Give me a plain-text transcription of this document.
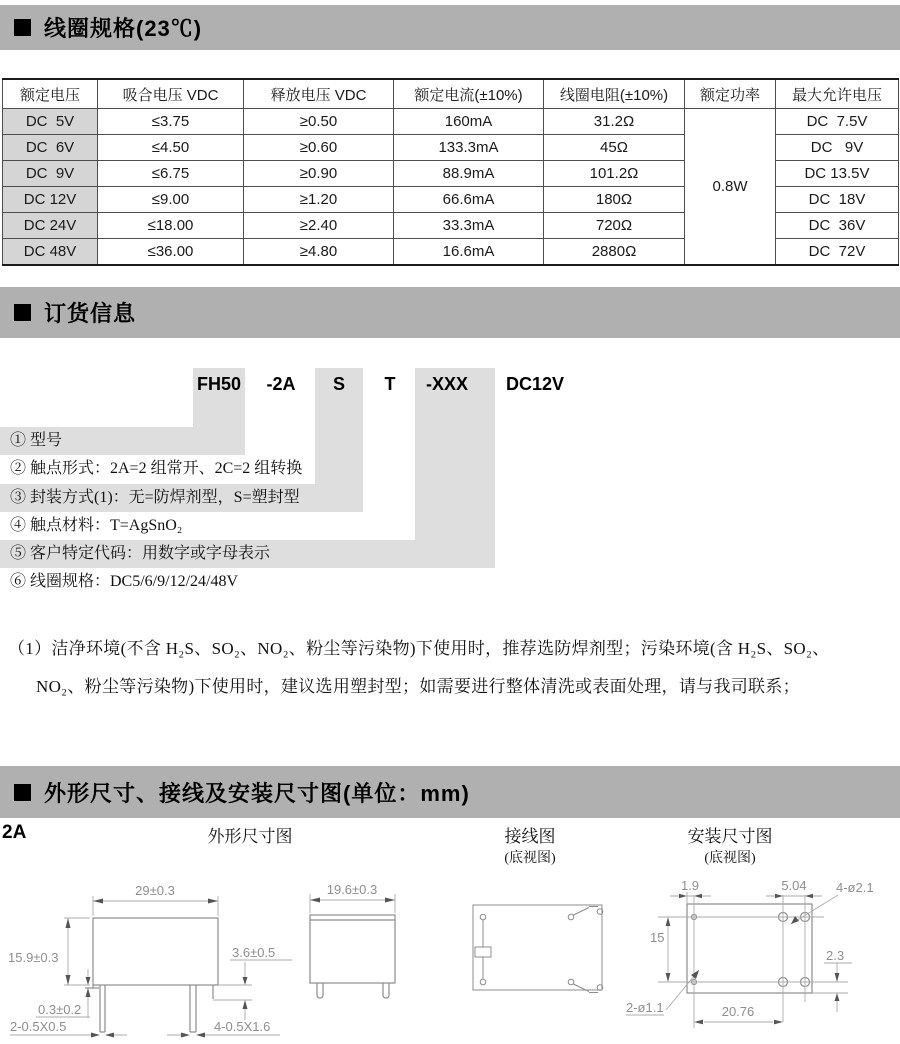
线圈规格(23℃)
额定电压	吸合电压 VDC	释放电压 VDC	额定电流(±10%)	线圈电阻(±10%)	额定功率	最大允许电压
DC  5V	≤3.75	≥0.50	160mA	31.2Ω	0.8W	DC  7.5V
DC  6V	≤4.50	≥0.60	133.3mA	45Ω		DC   9V
DC  9V	≤6.75	≥0.90	88.9mA	101.2Ω		DC 13.5V
DC 12V	≤9.00	≥1.20	66.6mA	180Ω		DC  18V
DC 24V	≤18.00	≥2.40	33.3mA	720Ω		DC  36V
DC 48V	≤36.00	≥4.80	16.6mA	2880Ω		DC  72V
订货信息
FH50	-2A	S	T	-XXX	DC12V
① 型号
② 触点形式：2A=2 组常开、2C=2 组转换
③ 封装方式(1)：无=防焊剂型，S=塑封型
④ 触点材料：T=AgSnO₂
⑤ 客户特定代码：用数字或字母表示
⑥ 线圈规格：DC5/6/9/12/24/48V
（1）洁净环境(不含 H₂S、SO₂、NO₂、粉尘等污染物)下使用时，推荐选防焊剂型；污染环境(含 H₂S、SO₂、
NO₂、粉尘等污染物)下使用时，建议选用塑封型；如需要进行整体清洗或表面处理，请与我司联系；
外形尺寸、接线及安装尺寸图(单位：mm)
2A	外形尺寸图	接线图
(底视图)
安装尺寸图
(底视图)
29±0.3
15.9±0.3	3.6±0.5
0.3±0.2
2-0.5X0.5	4-0.5X1.6
19.6±0.3	1.9	5.04 4-ø2.1
15
2.3
2-ø1.1	20.76
